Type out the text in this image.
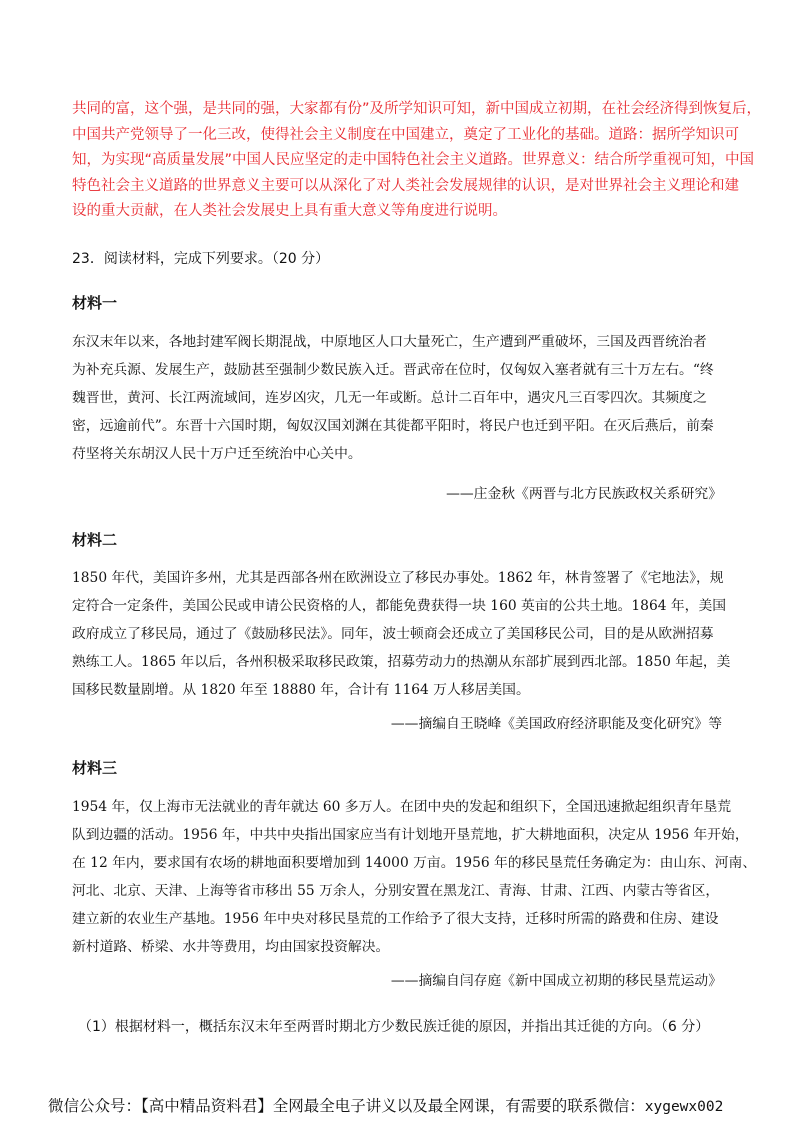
共同的富，这个强，是共同的强，大家都有份”及所学知识可知，新中国成立初期，在社会经济得到恢复后，
中国共产党领导了一化三改，使得社会主义制度在中国建立，奠定了工业化的基础。道路：据所学知识可
知，为实现“高质量发展”中国人民应坚定的走中国特色社会主义道路。世界意义：结合所学重视可知，中国
特色社会主义道路的世界意义主要可以从深化了对人类社会发展规律的认识，是对世界社会主义理论和建
设的重大贡献，在人类社会发展史上具有重大意义等角度进行说明。
23．阅读材料，完成下列要求。（20 分）
材料一
东汉末年以来，各地封建军阀长期混战，中原地区人口大量死亡，生产遭到严重破坏，三国及西晋统治者
为补充兵源、发展生产，鼓励甚至强制少数民族入迁。晋武帝在位时，仅匈奴入塞者就有三十万左右。“终
魏晋世，黄河、长江两流域间，连岁凶灾，几无一年或断。总计二百年中，遇灾凡三百零四次。其频度之
密，远逾前代”。东晋十六国时期，匈奴汉国刘渊在其徙都平阳时，将民户也迁到平阳。在灭后燕后，前秦
苻坚将关东胡汉人民十万户迁至统治中心关中。
——庄金秋《两晋与北方民族政权关系研究》
材料二
1850 年代，美国许多州，尤其是西部各州在欧洲设立了移民办事处。1862 年，林肯签署了《宅地法》，规
定符合一定条件，美国公民或申请公民资格的人，都能免费获得一块 160 英亩的公共土地。1864 年，美国
政府成立了移民局，通过了《鼓励移民法》。同年，波士顿商会还成立了美国移民公司，目的是从欧洲招募
熟练工人。1865 年以后，各州积极采取移民政策，招募劳动力的热潮从东部扩展到西北部。1850 年起，美
国移民数量剧增。从 1820 年至 18880 年，合计有 1164 万人移居美国。
——摘编自王晓峰《美国政府经济职能及变化研究》等
材料三
1954 年，仅上海市无法就业的青年就达 60 多万人。在团中央的发起和组织下，全国迅速掀起组织青年垦荒
队到边疆的活动。1956 年，中共中央指出国家应当有计划地开垦荒地，扩大耕地面积，决定从 1956 年开始，
在 12 年内，要求国有农场的耕地面积要增加到 14000 万亩。1956 年的移民垦荒任务确定为：由山东、河南、
河北、北京、天津、上海等省市移出 55 万余人，分别安置在黑龙江、青海、甘肃、江西、内蒙古等省区，
建立新的农业生产基地。1956 年中央对移民垦荒的工作给予了很大支持，迁移时所需的路费和住房、建设
新村道路、桥梁、水井等费用，均由国家投资解决。
——摘编自闫存庭《新中国成立初期的移民垦荒运动》
（1）根据材料一，概括东汉末年至两晋时期北方少数民族迁徙的原因，并指出其迁徙的方向。（6 分）
微信公众号：【高中精品资料君】全网最全电子讲义以及最全网课，有需要的联系微信：xygewx002
